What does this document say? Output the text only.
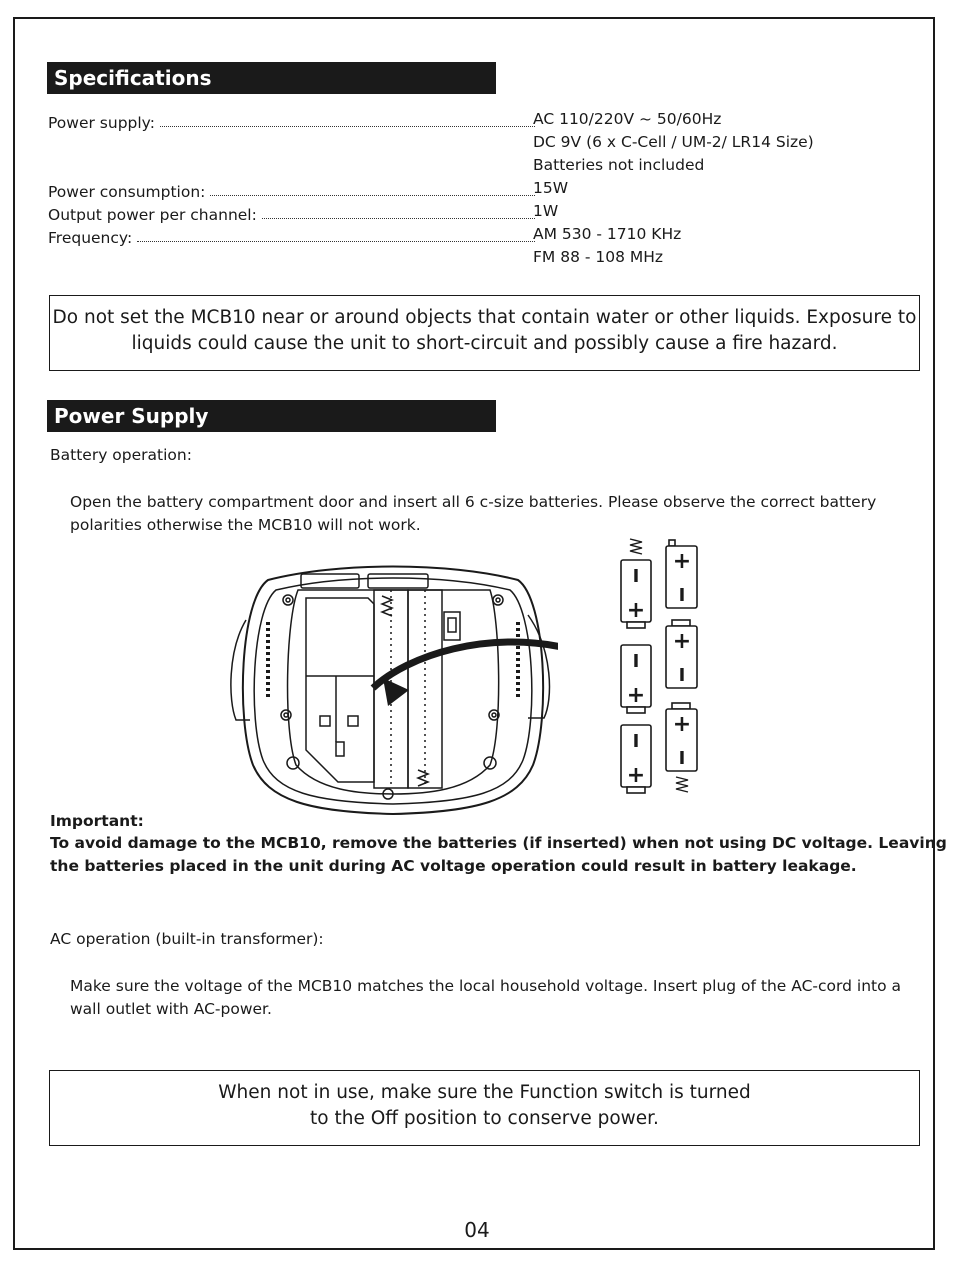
Specifications
Power supply:	AC 110/220V ~ 50/60Hz
DC 9V (6 x C-Cell / UM-2/ LR14 Size)
Batteries not included
Power consumption:	15W
Output power per channel:	1W
Frequency:	AM 530 - 1710 KHz
FM 88 - 108 MHz
Do not set the MCB10 near or around objects that contain water or other liquids. Exposure to
liquids could cause the unit to short-circuit and possibly cause a fire hazard.
Power Supply
Battery operation:
Open the battery compartment door and insert all 6 c-size batteries. Please observe the correct battery polarities otherwise the MCB10 will not work.
I
+
I
+
I
+
+
I
+
I
+
I
Important:
To avoid damage to the MCB10, remove the batteries (if inserted) when not using DC voltage. Leaving
the batteries placed in the unit during AC voltage operation could result in battery leakage.
AC operation (built-in transformer):
Make sure the voltage of the MCB10 matches the local household voltage. Insert plug of the AC-cord into a wall outlet with AC-power.
When not in use, make sure the Function switch is turned
to the Off position to conserve power.
04
